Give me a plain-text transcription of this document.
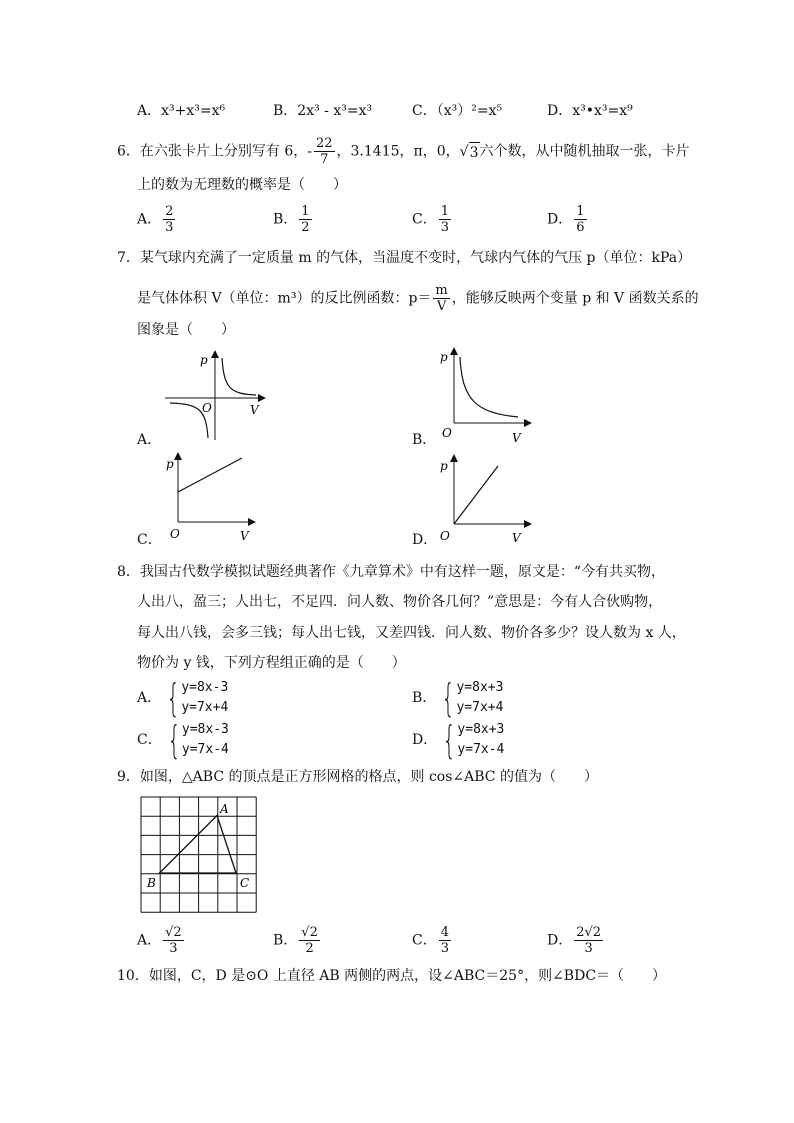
A．x³+x³=x⁶	B．2x³ - x³=x³	C．（x³）²=x⁵	D．x³•x³=x⁹
6．在六张卡片上分别写有 6，- $\frac{22}{7}$ ，3.1415，π，0，√ 3 六个数，从中随机抽取一张，卡片
上的数为无理数的概率是（　　）
A． $\frac{2}{3}$	B． $\frac{1}{2}$	C． $\frac{1}{3}$	D． $\frac{1}{6}$
7．某气球内充满了一定质量 m 的气体，当温度不变时，气球内气体的气压 p（单位：kPa）
是气体体积 V（单位：m³）的反比例函数：$p= \frac{m}{V}$ ，能够反映两个变量 p 和 V 函数关系的
图象是（　　）
A．
p
O	V
B．
p
O	V
C．
p
O	V	D．
p
O	V
8．我国古代数学模拟试题经典著作《九章算术》中有这样一题，原文是：“今有共买物，
人出八，盈三；人出七，不足四．问人数、物价各几何？”意思是：今有人合伙购物，
每人出八钱，会多三钱；每人出七钱，又差四钱．问人数、物价各多少？设人数为 x 人，
物价为 y 钱，下列方程组正确的是（　　）
A． { y=8x-3
y=7x+4
B． { y=8x+3
y=7x+4
C． { y=8x-3
y=7x-4
D． { y=8x+3
y=7x-4
9．如图，△ABC 的顶点是正方形网格的格点，则 cos∠ABC 的值为（　　）
A
B	C
A． $\frac{√2}{3}$	B． $\frac{√2}{2}$	C． $\frac{4}{3}$	D． $\frac{2√2}{3}$
10．如图，C，D 是⊙O 上直径 AB 两侧的两点，设∠ABC＝25°，则∠BDC＝（　　）
